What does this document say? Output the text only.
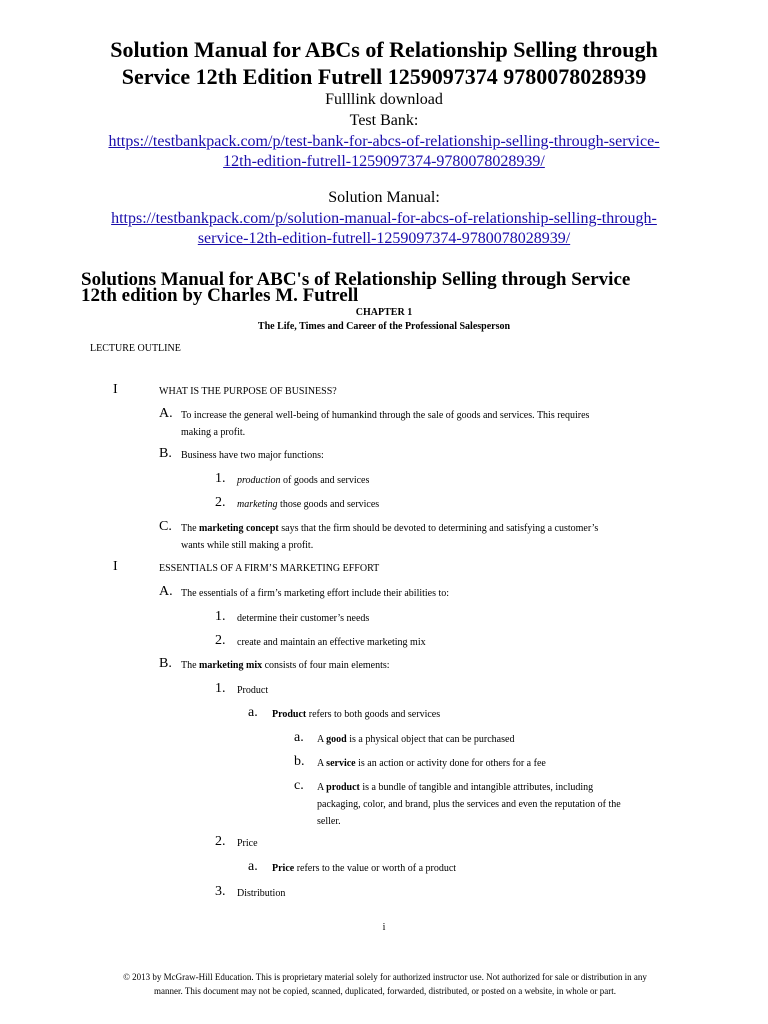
Solution Manual for ABCs of Relationship Selling through
Service 12th Edition Futrell 1259097374 9780078028939
Fulllink download
Test Bank:
https://testbankpack.com/p/test-bank-for-abcs-of-relationship-selling-through-service-
12th-edition-futrell-1259097374-9780078028939/
Solution Manual:
https://testbankpack.com/p/solution-manual-for-abcs-of-relationship-selling-through-
service-12th-edition-futrell-1259097374-9780078028939/
Solutions Manual for ABC's of Relationship Selling through Service
12th edition by Charles M. Futrell
CHAPTER 1
The Life, Times and Career of the Professional Salesperson
LECTURE OUTLINE
I	WHAT IS THE PURPOSE OF BUSINESS?
A. To increase the general well-being of humankind through the sale of goods and services. This requires
making a profit.
B. Business have two major functions:
1. production of goods and services
2. marketing those goods and services
C. The marketing concept says that the firm should be devoted to determining and satisfying a customer’s
wants while still making a profit.
I	ESSENTIALS OF A FIRM’S MARKETING EFFORT
A. The essentials of a firm’s marketing effort include their abilities to:
1. determine their customer’s needs
2. create and maintain an effective marketing mix
B. The marketing mix consists of four main elements:
1. Product
a. Product refers to both goods and services
a. A good is a physical object that can be purchased
b. A service is an action or activity done for others for a fee
c. A product is a bundle of tangible and intangible attributes, including
packaging, color, and brand, plus the services and even the reputation of the
seller.
2. Price
a. Price refers to the value or worth of a product
3. Distribution
i
© 2013 by McGraw-Hill Education. This is proprietary material solely for authorized instructor use. Not authorized for sale or distribution in any
manner. This document may not be copied, scanned, duplicated, forwarded, distributed, or posted on a website, in whole or part.
